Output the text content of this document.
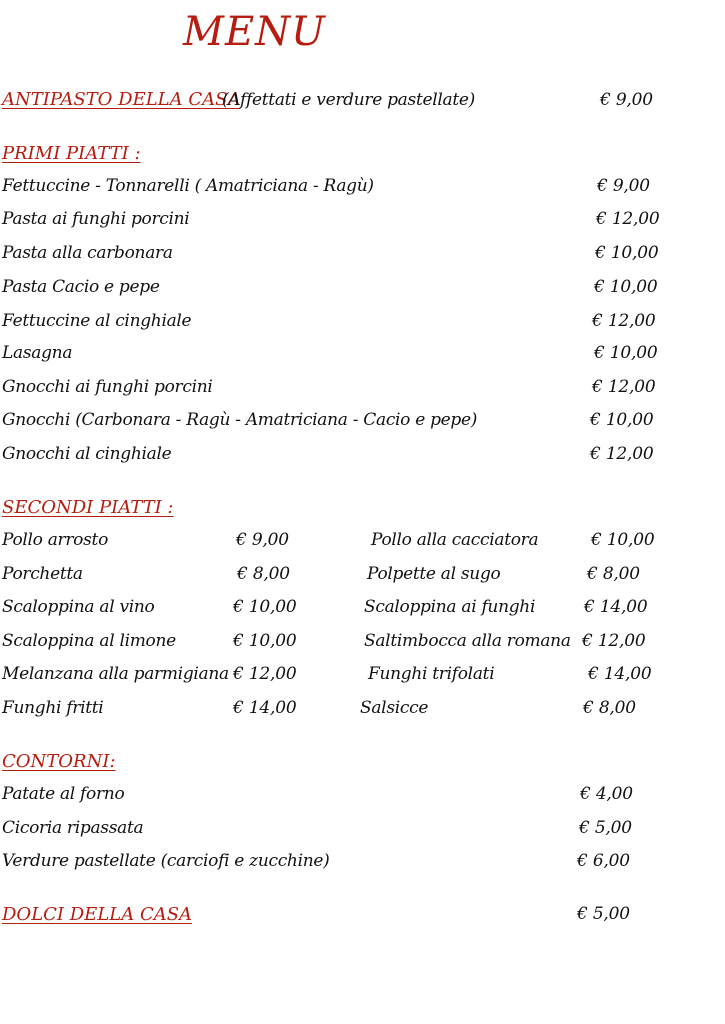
MENU
ANTIPASTO DELLA CASA
(Affettati e verdure pastellate)	€ 9,00
PRIMI PIATTI :
Fettuccine - Tonnarelli ( Amatriciana - Ragù)	€ 9,00
Pasta ai funghi porcini	€ 12,00
Pasta alla carbonara	€ 10,00
Pasta Cacio e pepe	€ 10,00
Fettuccine al cinghiale	€ 12,00
Lasagna	€ 10,00
Gnocchi ai funghi porcini	€ 12,00
Gnocchi (Carbonara - Ragù - Amatriciana - Cacio e pepe)	€ 10,00
Gnocchi al cinghiale	€ 12,00
SECONDI PIATTI :
Pollo arrosto	€ 9,00	Pollo alla cacciatora	€ 10,00
Porchetta	€ 8,00	Polpette al sugo	€ 8,00
Scaloppina al vino	€ 10,00	Scaloppina ai funghi	€ 14,00
Scaloppina al limone	€ 10,00	Saltimbocca alla romana € 12,00
Melanzana alla parmigiana € 12,00	Funghi trifolati	€ 14,00
Funghi fritti	€ 14,00	Salsicce	€ 8,00
CONTORNI:
Patate al forno	€ 4,00
Cicoria ripassata	€ 5,00
Verdure pastellate (carciofi e zucchine)	€ 6,00
DOLCI DELLA CASA	€ 5,00
